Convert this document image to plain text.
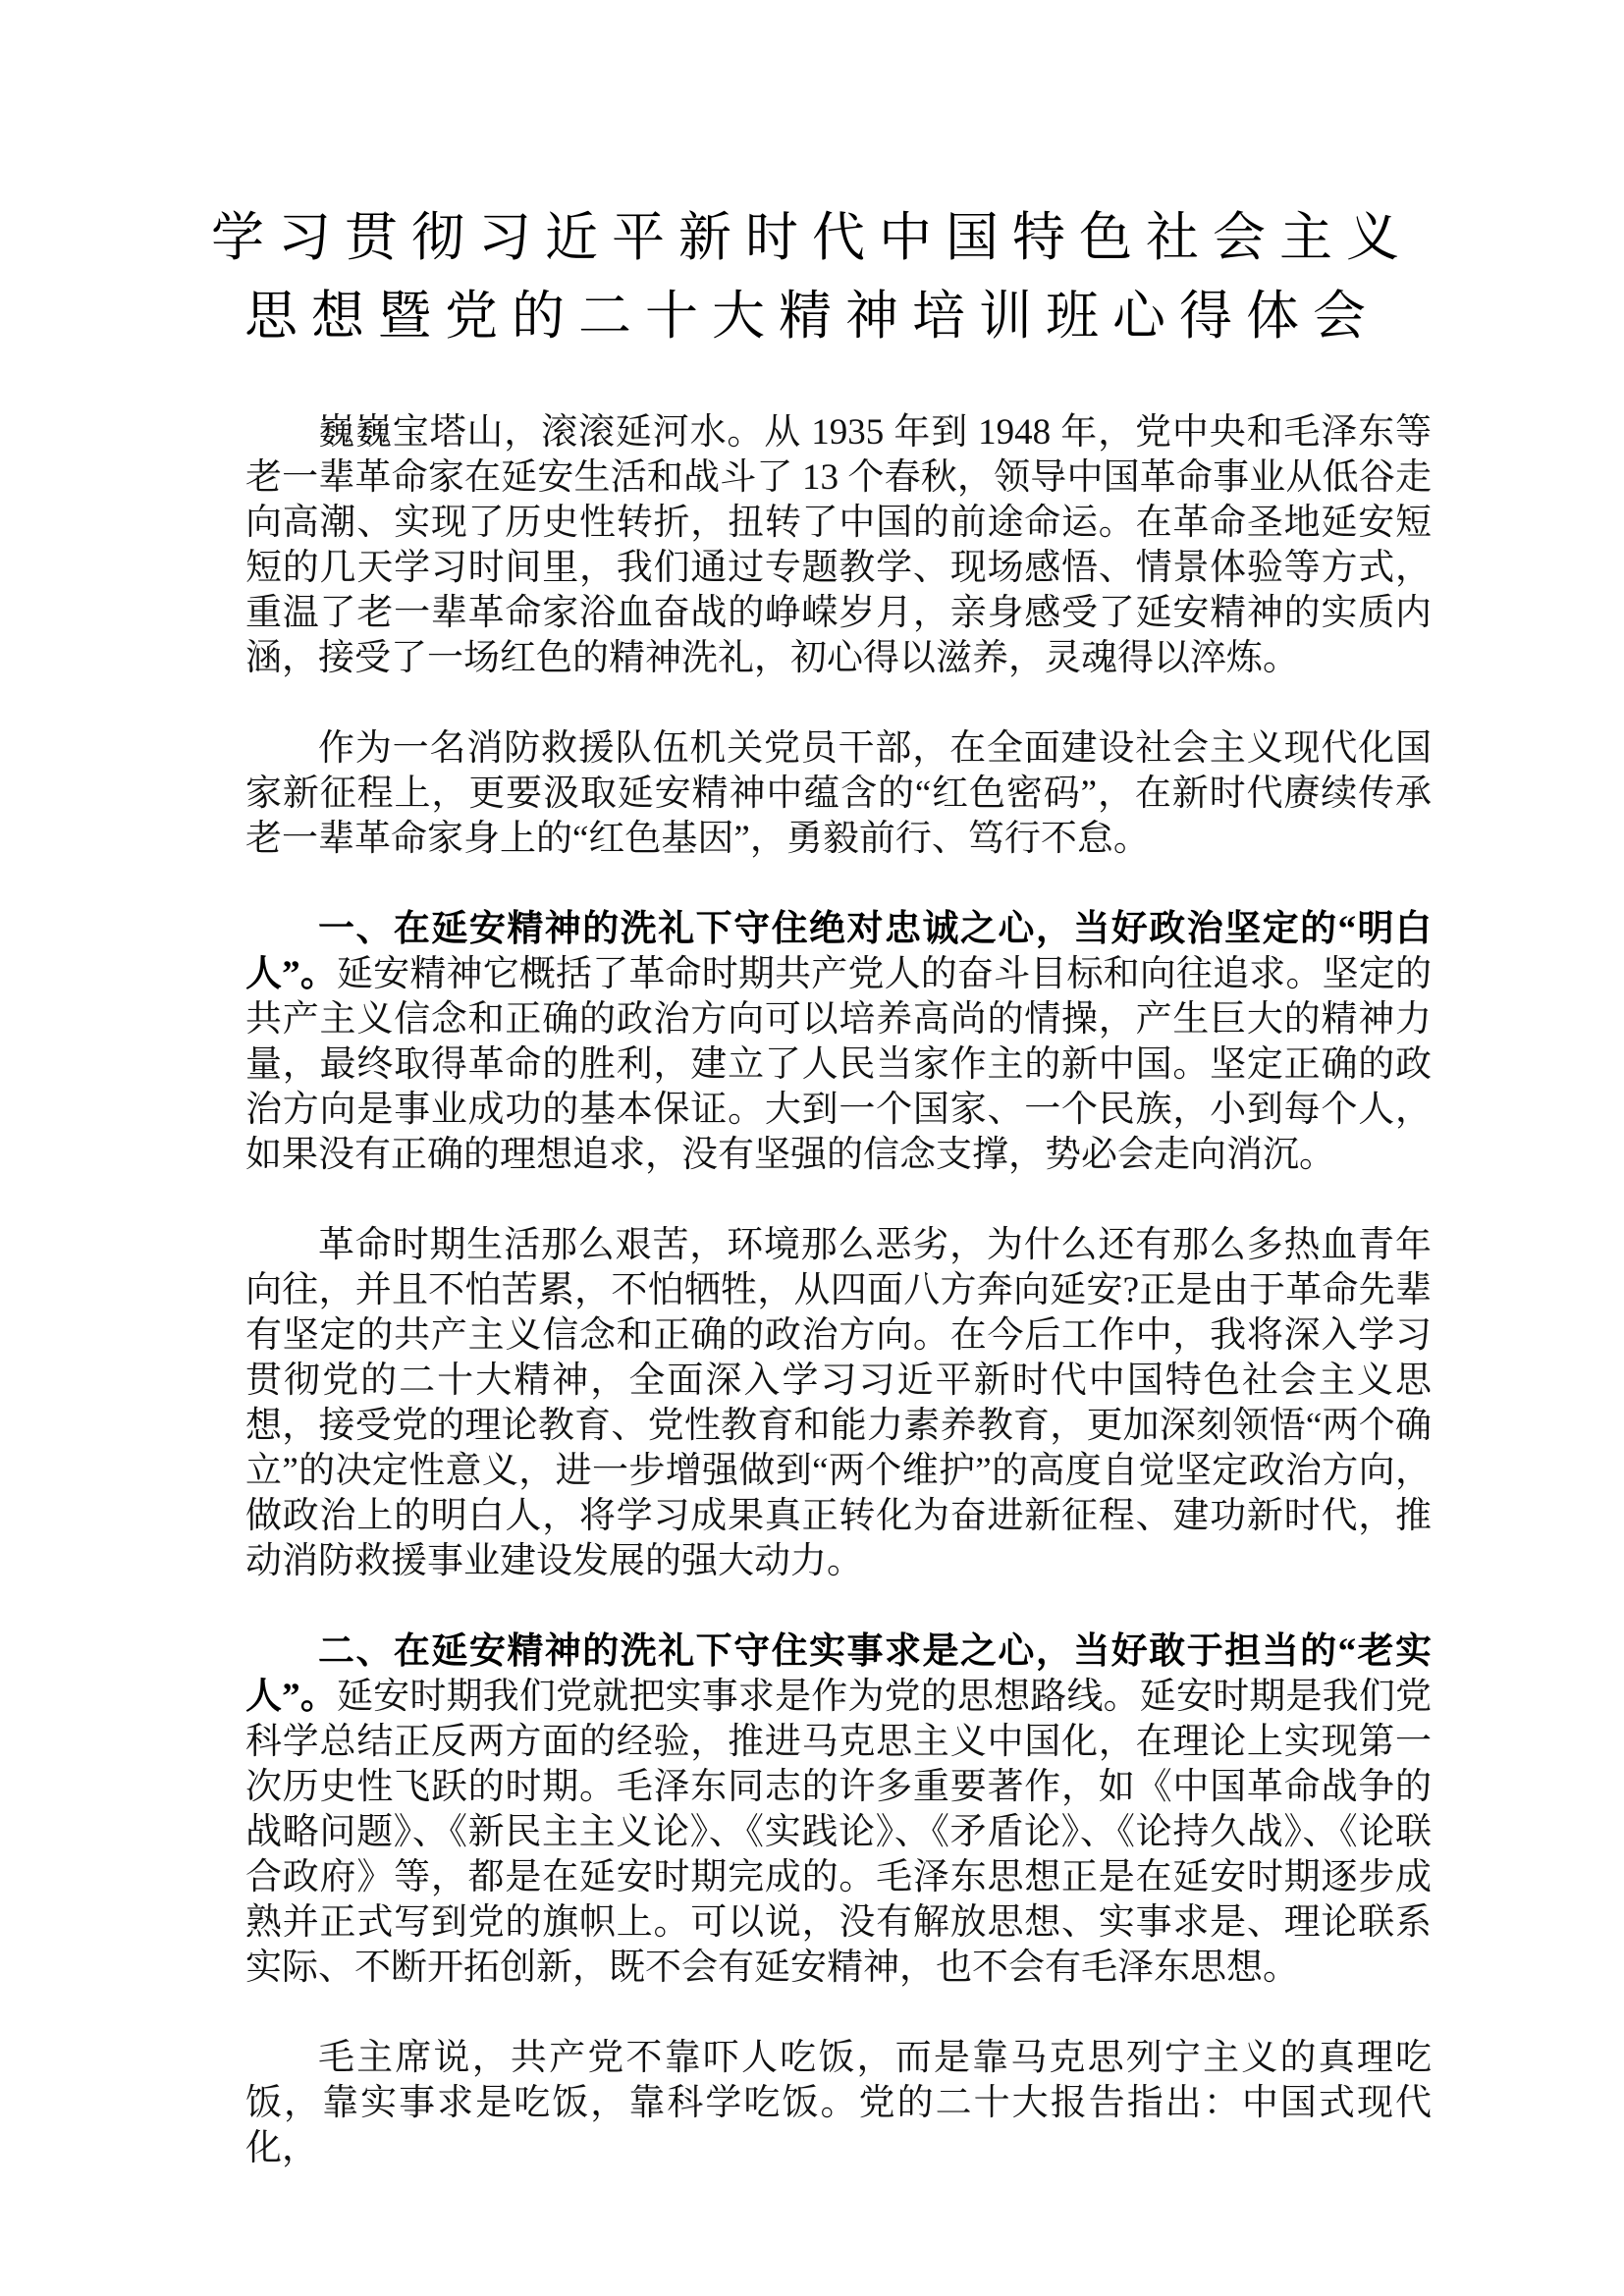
学习贯彻习近平新时代中国特色社会主义
思想暨党的二十大精神培训班心得体会

巍巍宝塔山，滚滚延河水。从 1935 年到 1948 年，党中央和毛泽东等老一辈革命家在延安生活和战斗了 13 个春秋，领导中国革命事业从低谷走向高潮、实现了历史性转折，扭转了中国的前途命运。在革命圣地延安短短的几天学习时间里，我们通过专题教学、现场感悟、情景体验等方式，重温了老一辈革命家浴血奋战的峥嵘岁月，亲身感受了延安精神的实质内涵，接受了一场红色的精神洗礼，初心得以滋养，灵魂得以淬炼。

作为一名消防救援队伍机关党员干部，在全面建设社会主义现代化国家新征程上，更要汲取延安精神中蕴含的“红色密码”，在新时代赓续传承老一辈革命家身上的“红色基因”，勇毅前行、笃行不怠。

一、在延安精神的洗礼下守住绝对忠诚之心，当好政治坚定的“明白人”。延安精神它概括了革命时期共产党人的奋斗目标和向往追求。坚定的共产主义信念和正确的政治方向可以培养高尚的情操，产生巨大的精神力量，最终取得革命的胜利，建立了人民当家作主的新中国。坚定正确的政治方向是事业成功的基本保证。大到一个国家、一个民族，小到每个人，如果没有正确的理想追求，没有坚强的信念支撑，势必会走向消沉。

革命时期生活那么艰苦，环境那么恶劣，为什么还有那么多热血青年向往，并且不怕苦累，不怕牺牲，从四面八方奔向延安?正是由于革命先辈有坚定的共产主义信念和正确的政治方向。在今后工作中，我将深入学习贯彻党的二十大精神，全面深入学习习近平新时代中国特色社会主义思想，接受党的理论教育、党性教育和能力素养教育，更加深刻领悟“两个确立”的决定性意义，进一步增强做到“两个维护”的高度自觉坚定政治方向，做政治上的明白人，将学习成果真正转化为奋进新征程、建功新时代，推动消防救援事业建设发展的强大动力。

二、在延安精神的洗礼下守住实事求是之心，当好敢于担当的“老实人”。延安时期我们党就把实事求是作为党的思想路线。延安时期是我们党科学总结正反两方面的经验，推进马克思主义中国化，在理论上实现第一次历史性飞跃的时期。毛泽东同志的许多重要著作，如《中国革命战争的战略问题》、《新民主主义论》、《实践论》、《矛盾论》、《论持久战》、《论联合政府》等，都是在延安时期完成的。毛泽东思想正是在延安时期逐步成熟并正式写到党的旗帜上。可以说，没有解放思想、实事求是、理论联系实际、不断开拓创新，既不会有延安精神，也不会有毛泽东思想。

毛主席说，共产党不靠吓人吃饭，而是靠马克思列宁主义的真理吃饭，靠实事求是吃饭，靠科学吃饭。党的二十大报告指出：中国式现代化，
